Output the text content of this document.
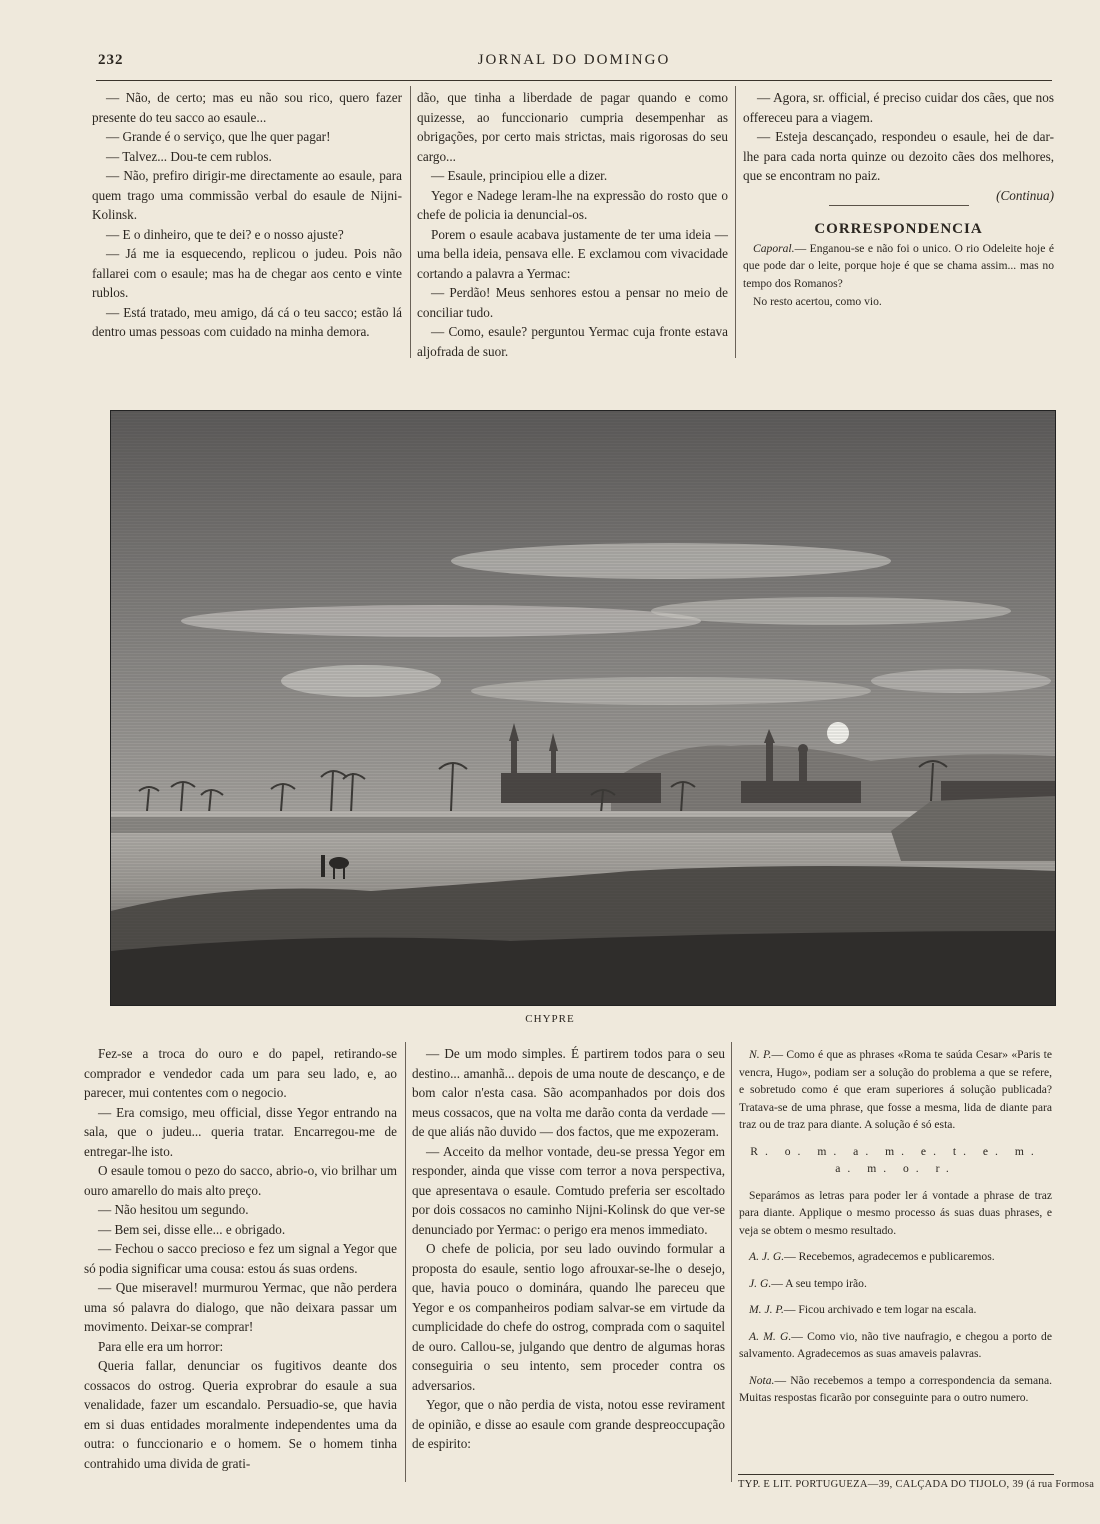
232	JORNAL DO DOMINGO

— Não, de certo; mas eu não sou rico, quero fazer presente do teu sacco ao esaule...

— Grande é o serviço, que lhe quer pagar!

— Talvez... Dou-te cem rublos.

— Não, prefiro dirigir-me directamente ao esaule, para quem trago uma commissão verbal do esaule de Nijni-Kolinsk.

— E o dinheiro, que te dei? e o nosso ajuste?

— Já me ia esquecendo, replicou o judeu. Pois não fallarei com o esaule; mas ha de chegar aos cento e vinte rublos.

— Está tratado, meu amigo, dá cá o teu sacco; estão lá dentro umas pessoas com cuidado na minha demora.

dão, que tinha a liberdade de pagar quando e como quizesse, ao funccionario cumpria desempenhar as obrigações, por certo mais strictas, mais rigorosas do seu cargo...

— Esaule, principiou elle a dizer.

Yegor e Nadege leram-lhe na expressão do rosto que o chefe de policia ia denuncial-os.

Porem o esaule acabava justamente de ter uma ideia — uma bella ideia, pensava elle. E exclamou com vivacidade cortando a palavra a Yermac:

— Perdão! Meus senhores estou a pensar no meio de conciliar tudo.

— Como, esaule? perguntou Yermac cuja fronte estava aljofrada de suor.

— Agora, sr. official, é preciso cuidar dos cães, que nos offereceu para a viagem.

— Esteja descançado, respondeu o esaule, hei de dar-lhe para cada norta quinze ou dezoito cães dos melhores, que se encontram no paiz.

(Continua)

CORRESPONDENCIA

Caporal.— Enganou-se e não foi o unico. O rio Odeleite hoje é que pode dar o leite, porque hoje é que se chama assim... mas no tempo dos Romanos?

No resto acertou, como vio.

CHYPRE

Fez-se a troca do ouro e do papel, retirando-se comprador e vendedor cada um para seu lado, e, ao parecer, mui contentes com o negocio.

— Era comsigo, meu official, disse Yegor entrando na sala, que o judeu... queria tratar. Encarregou-me de entregar-lhe isto.

O esaule tomou o pezo do sacco, abrio-o, vio brilhar um ouro amarello do mais alto preço.

— Não hesitou um segundo.

— Bem sei, disse elle... e obrigado.

— Fechou o sacco precioso e fez um signal a Yegor que só podia significar uma cousa: estou ás suas ordens.

— Que miseravel! murmurou Yermac, que não perdera uma só palavra do dialogo, que não deixara passar um movimento. Deixar-se comprar!

Para elle era um horror:

Queria fallar, denunciar os fugitivos deante dos cossacos do ostrog. Queria exprobrar do esaule a sua venalidade, fazer um escandalo. Persuadio-se, que havia em si duas entidades moralmente independentes uma da outra: o funccionario e o homem. Se o homem tinha contrahido uma divida de grati-

— De um modo simples. É partirem todos para o seu destino... amanhã... depois de uma noute de descanço, e de bom calor n'esta casa. São acompanhados por dois dos meus cossacos, que na volta me darão conta da verdade — de que aliás não duvido — dos factos, que me expozeram.

— Acceito da melhor vontade, deu-se pressa Yegor em responder, ainda que visse com terror a nova perspectiva, que apresentava o esaule. Comtudo preferia ser escoltado por dois cossacos no caminho Nijni-Kolinsk do que ver-se denunciado por Yermac: o perigo era menos immediato.

O chefe de policia, por seu lado ouvindo formular a proposta do esaule, sentio logo afrouxar-se-lhe o desejo, que, havia pouco o dominára, quando lhe pareceu que Yegor e os companheiros podiam salvar-se em virtude da cumplicidade do chefe do ostrog, comprada com o saquitel de ouro. Callou-se, julgando que dentro de algumas horas conseguiria o seu intento, sem proceder contra os adversarios.

Yegor, que o não perdia de vista, notou esse revirament de opinião, e disse ao esaule com grande despreoccupação de espirito:

N. P.— Como é que as phrases «Roma te saúda Cesar» «Paris te vencra, Hugo», podiam ser a solução do problema a que se refere, e sobretudo como é que eram superiores á solução publicada? Tratava-se de uma phrase, que fosse a mesma, lida de diante para traz ou de traz para diante. A solução é só esta.

R. o. m. a. m. e. t. e. m. a. m. o. r.

Separámos as letras para poder ler á vontade a phrase de traz para diante. Applique o mesmo processo ás suas duas phrases, e veja se obtem o mesmo resultado.

A. J. G.— Recebemos, agradecemos e publicaremos.

J. G.— A seu tempo irão.

M. J. P.— Ficou archivado e tem logar na escala.

A. M. G.— Como vio, não tive naufragio, e chegou a porto de salvamento. Agradecemos as suas amaveis palavras.

Nota.— Não recebemos a tempo a correspondencia da semana. Muitas respostas ficarão por conseguinte para o outro numero.

TYP. E LIT. PORTUGUEZA—39, CALÇADA DO TIJOLO, 39 (á rua Formosa
